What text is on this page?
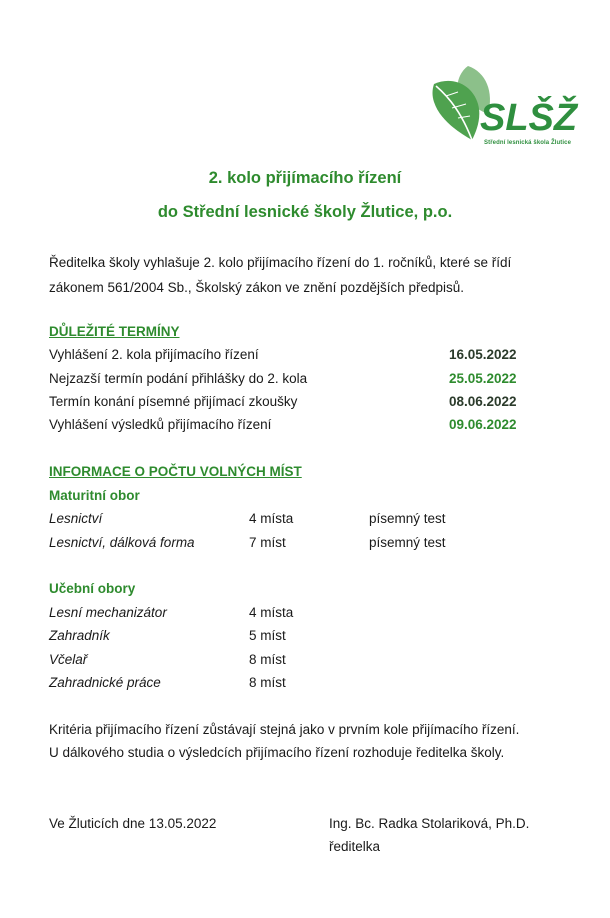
SLŠŽ
Střední lesnická škola Žlutice
2. kolo přijímacího řízení
do Střední lesnické školy Žlutice, p.o.

Ředitelka školy vyhlašuje 2. kolo přijímacího řízení do 1. ročníků, které se řídí zákonem 561/2004 Sb., Školský zákon ve znění pozdějších předpisů.

DŮLEŽITÉ TERMÍNY
Vyhlášení 2. kola přijímacího řízení	16.05.2022
Nejzazší termín podání přihlášky do 2. kola	25.05.2022
Termín konání písemné přijímací zkoušky	08.06.2022
Vyhlášení výsledků přijímacího řízení	09.06.2022
INFORMACE O POČTU VOLNÝCH MÍST
Maturitní obor
Lesnictví	4 místa	písemný test
Lesnictví, dálková forma	7 míst	písemný test
Učební obory
Lesní mechanizátor	4 místa
Zahradník	5 míst
Včelař	8 míst
Zahradnické práce	8 míst
Kritéria přijímacího řízení zůstávají stejná jako v prvním kole přijímacího řízení.
U dálkového studia o výsledcích přijímacího řízení rozhoduje ředitelka školy.
Ve Žluticích dne 13.05.2022	Ing. Bc. Radka Stolariková, Ph.D.
ředitelka
